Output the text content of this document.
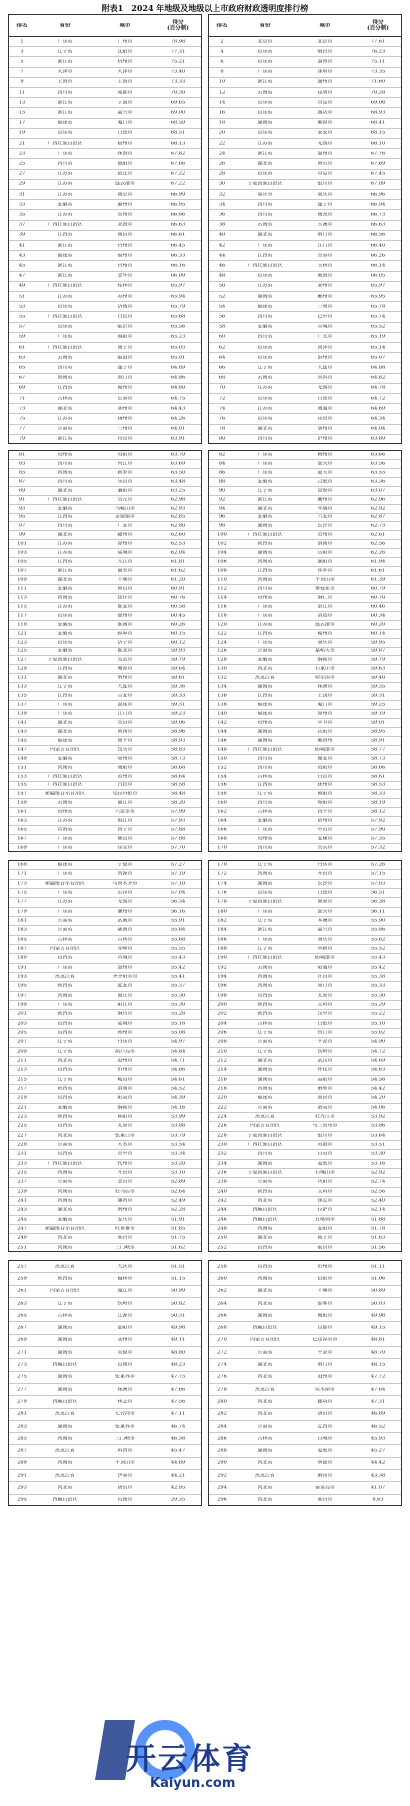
附表1　2024 年地级及地级以上市政府财政透明度排行榜
排名	省份	城市	得分
(百分制)
1	广东省	广州市	78.98
3	辽宁省	沈阳市	77.31
5	浙江省	杭州市	75.21
7	天津市	天津市	73.40
9	上海市	上海市	73.33
11	四川省	成都市	70.30
13	浙江省	宁波市	69.65
15	浙江省	嘉兴市	69.00
17	福建省	厦门市	68.59
19	山东省	日照市	68.51
21	广西壮族自治区	梧州市	68.13
23	广东省	珠海市	67.82
25	四川省	德阳市	67.66
27	江苏省	宿迁市	67.22
29	江苏省	连云港市	67.22
31	江苏省	南京市	66.99
33	安徽省	滁州市	66.95
35	江苏省	常州市	66.86
37	广西壮族自治区	北海市	66.63
39	江西省	南昌市	66.61
41	浙江省	台州市	66.45
43	福建省	福州市	66.33
45	浙江省	台州市	66.16
47	浙江省	金华市	66.09
49	广西壮族自治区	桂林市	65.97
51	江苏省	苏州市	65.94
53	山东省	济南市	65.79
55	广西壮族自治区	百色市	65.68
57	山东省	临沂市	65.56
59	广东省	揭阳市	65.23
61	广西壮族自治区	南宁市	65.03
63	云南省	临沧市	65.01
65	四川省	遂宁市	64.89
67	海南省	海口市	64.86
69	江西省	赣州市	64.80
71	吉林省	长春市	64.75
73	湖北省	鄂州市	64.43
75	江苏省	扬州市	64.26
77	甘肃省	兰州市	64.01
79	浙江省	舟山市	63.91
排名	省份	城市	得分
(百分制)
2	北京市	北京市	77.61
4	山东省	烟台市	76.23
6	山东省	淄博市	75.11
8	广东省	深圳市	73.35
10	浙江省	湖州市	71.60
12	云南省	昆明市	70.28
14	山东省	青岛市	69.08
16	山东省	潍坊市	68.93
18	湖南省	湘潭市	68.41
20	山东省	泰安市	68.15
22	江苏省	无锡市	68.10
24	浙江省	温州市	67.76
26	湖北省	黄石市	67.69
28	山东省	青岛市	67.45
30	宁夏回族自治区	银川市	67.09
32	重庆市	重庆市	66.96
34	四川省	遂宁市	66.94
36	四川省	南充市	66.73
38	云南省	玉溪市	66.63
40	湖北省	荆门市	66.56
42	广东省	江门市	66.40
44	江西省	宜春市	66.26
46	广西壮族自治区	玉林市	66.14
48	山东省	威海市	66.05
50	江苏省	泰州市	65.97
52	湖南省	郴州市	65.95
54	福建省	三明市	65.78
56	四川省	巴中市	65.74
58	安徽省	宣城市	65.52
60	四川省	广元市	65.19
62	山东省	菏泽市	65.14
64	山东省	滨州市	65.07
66	辽宁省	大连市	64.88
68	云南省	普洱市	64.82
70	江苏省	无锡市	64.78
72	山东省	日照市	64.72
74	江苏省	南通市	64.69
76	山东省	东营市	64.34
78	湖北省	鄂州市	64.04
80	四川省	泸州市	63.89
81	贵州省	贵阳市	63.79
83	四川省	内江市	63.69
85	河南省	新乡市	63.50
87	四川省	乐山市	63.48
89	湖北省	襄阳市	63.25
91	广西壮族自治区	崇左市	62.98
93	安徽省	马鞍山市	62.93
95	江西省	景德镇市	62.85
97	四川省	广安市	62.80
99	湖北省	随州市	62.60
101	江苏省	徐州市	62.53
103	江苏省	盐城市	62.04
105	江西省	九江市	61.81
107	浙江省	丽水市	61.62
109	湖北省	十堰市	61.20
111	安徽省	黄山市	60.91
113	河南省	焦作市	60.76
115	江苏省	淮安市	60.58
117	山东省	德州市	60.45
119	安徽省	淮南市	60.26
121	安徽省	蚌埠市	60.15
123	山东省	济宁市	60.12
125	安徽省	淮北市	59.93
127	宁夏回族自治区	吴忠市	59.79
129	江西省	鹰潭市	59.64
131	湖北省	荆州市	59.61
133	辽宁省	大连市	59.36
135	江西省	吉安市	59.33
137	广东省	汕尾市	59.31
139	广东省	江门市	59.23
141	湖北省	宜昌市	59.06
143	湖北省	黄冈市	58.96
145	福建省	南平市	58.93
147	内蒙古自治区	包头市	58.83
149	安徽省	亳州市	58.73
151	河南省	南阳市	58.68
153	广西壮族自治区	贺州市	58.64
155	广西壮族自治区	百色市	58.58
157	新疆维吾尔自治区	克拉玛依市	58.48
159	云南省	丽江市	58.20
161	贵州省	六盘水市	57.99
163	江苏省	镇江市	57.93
165	青海省	西宁市	57.88
167	广东省	佛山市	57.88
169	广东省	东莞市	57.70
82	广东省	梅州市	63.66
84	广东省	汕头市	63.56
86	广东省	韶关市	63.55
88	安徽省	合肥市	63.36
90	辽宁省	盘锦市	63.07
92	浙江省	衢州市	62.96
94	湖北省	孝感市	62.92
96	安徽省	六安市	62.87
98	湖南省	长沙市	62.73
100	广西壮族自治区	贺州市	62.61
102	陕西省	渭南市	62.56
104	湖南省	岳阳市	62.26
106	河南省	濮阳市	61.94
108	江西省	萍乡市	61.61
110	河南省	平顶山市	61.39
112	四川省	攀枝花市	60.79
114	贵州省	铜仁市	60.70
116	广东省	湛江市	60.46
118	广东省	清远市	60.34
120	江苏省	连云港市	60.20
122	江西省	赣州市	60.14
124	广东省	肇庆市	59.95
126	甘肃省	嘉峪关市	59.87
128	安徽省	铜陵市	59.79
130	河北省	石家庄市	59.63
132	黑龙江省	哈尔滨市	59.40
134	湖南省	株洲市	59.35
136	江西省	上饶市	59.31
138	福建省	厦门市	59.25
140	福建省	漳州市	59.19
142	贵州省	毕节市	59.01
144	湖南省	岳阳市	58.95
146	湖南省	湘西州	58.91
148	广西壮族自治区	防城港市	58.77
150	四川省	雅安市	58.73
152	四川省	资阳市	58.66
154	吉林省	白山市	58.61
156	江西省	抚州市	58.53
158	辽宁省	朝阳市	58.33
160	四川省	绵阳市	58.19
162	吉林省	四平市	58.12
164	安徽省	宿州市	57.92
166	广东省	中山市	57.90
168	贵州省	安顺市	57.35
170	四川省	宜宾市	57.32
169	福建省	宁德市	57.27
171	广东省	河源市	57.19
173	新疆维吾尔自治区	乌鲁木齐市	57.10
175	广东省	云浮市	57.04
177	江苏省	无锡市	56.34
179	广东省	潮州市	56.16
181	甘肃省	武威市	55.91
183	甘肃省	陇南市	55.84
185	吉林省	吉林市	55.68
187	内蒙古自治区	赤峰市	55.55
189	山西省	晋城市	55.43
191	广东省	惠州市	55.42
193	黑龙江省	齐齐哈尔市	55.41
195	陕西省	延安市	55.37
197	河南省	商丘市	55.30
199	广东省	阳江市	55.30
201	陕西省	铜川市	55.28
203	山西省	运城市	55.18
205	山西省	朔州市	55.08
207	辽宁省	丹东市	54.97
209	辽宁省	葫芦岛市	54.84
211	河北省	沧州市	54.71
213	山西省	忻州市	54.66
215	辽宁省	鞍山市	54.61
217	陕西省	渭南市	54.52
219	山西省	阳泉市	54.39
221	安徽省	铜陵市	54.16
223	陕西省	咸阳市	53.99
225	山西省	太原市	53.88
227	河北省	张家口市	53.79
229	甘肃省	天水市	53.54
231	山西省	晋中市	53.34
233	广西壮族自治区	钦州市	53.20
235	河南省	开封市	53.10
237	甘肃省	金昌市	52.89
239	河南省	驻马店市	52.64
241	河南省	漯河市	52.49
243	湖北省	荆州市	52.28
245	安徽省	安庆市	51.91
247	新疆维吾尔自治区	吐鲁番市	51.85
249	河北省	邢台市	51.75
251	河南省	三门峡市	51.62
170	辽宁省	丹东市	57.26
172	河南省	开封市	57.15
174	湖南省	长沙市	57.03
176	山东省	日照市	56.51
178	宁夏回族自治区	固原市	56.38
180	广东省	汕头市	56.11
182	辽宁省	本溪市	55.90
184	浙江省	嘉兴市	55.86
186	广东省	肇庆市	55.62
188	辽宁省	阜新市	55.52
190	广西壮族自治区	防城港市	55.43
192	云南省	昭通市	55.42
194	河南省	许昌市	55.38
196	河南省	周口市	55.33
198	山西省	太原市	55.30
200	陕西省	宝鸡市	55.29
202	陕西省	汉中市	55.22
204	吉林省	白银市	55.10
206	辽宁省	营口市	55.02
208	甘肃省	平凉市	54.90
210	辽宁省	铁岭市	54.72
212	湖北省	武汉市	54.69
214	湖南省	怀化市	54.63
216	湖南省	益阳市	54.58
218	河南省	鹤壁市	54.42
220	福建省	莆田市	54.20
222	甘肃省	酒泉市	54.06
224	黑龙江省	牡丹江市	53.92
226	内蒙古自治区	乌兰察布市	53.86
228	宁夏回族自治区	银川市	53.64
230	广西壮族自治区	贵港市	53.51
232	四川省	自贡市	53.30
234	湖南省	娄底市	53.16
236	宁夏回族自治区	石嘴山市	52.92
238	甘肃省	庆阳市	52.74
240	陕西省	宝鸡市	52.56
242	河北省	保定市	52.40
244	西藏自治区	拉萨市	52.14
246	西藏自治区	日喀则市	51.88
248	河南省	安阳市	51.78
250	湖北省	咸宁市	51.63
252	山西省	临汾市	51.56
257	黑龙江省	大庆市	51.51
259	陕西省	榆林市	51.15
261	内蒙古自治区	通辽市	50.99
263	辽宁省	铁岭市	50.82
265	吉林省	辽源市	50.31
267	湖南省	邵阳市	49.98
269	湖南省	永州市	49.11
271	湖南省	常德市	48.80
273	西藏自治区	山南市	48.23
275	湖南省	张家界市	47.75
277	湖南省	株洲市	47.66
279	西藏自治区	林芝市	47.56
281	黑龙江省	七台河市	47.11
283	湖南省	张家界市	46.74
285	河南省	三门峡市	46.38
287	黑龙江省	鸡西市	45.47
289	河南省	平顶山市	44.89
291	黑龙江省	伊春市	44.21
293	河北省	唐山市	42.95
295	西藏自治区	山南市	29.35
258	山西省	忻州市	51.11
260	河南省	信阳市	51.06
262	湖北省	十堰市	50.89
264	河北省	邯郸市	50.03
266	湖南省	衡阳市	49.98
268	西藏自治区	昌都市	49.15
270	内蒙古自治区	巴彦淖尔市	48.81
272	甘肃省	平凉市	48.70
274	湖北省	荆门市	48.15
276	河北省	沧州市	47.72
278	黑龙江省	佳木斯市	47.64
280	河北省	廊坊市	47.31
282	河北省	唐山市	46.89
284	甘肃省	定西市	46.52
286	吉林省	白城市	45.93
288	湖南省	娄底市	45.27
290	河北省	承德市	44.42
292	黑龙江省	鹤岗市	43.38
294	河北省	秦皇岛市	41.07
296	河北省	邢台市	9.63
开云体育
Kaiyun.com
